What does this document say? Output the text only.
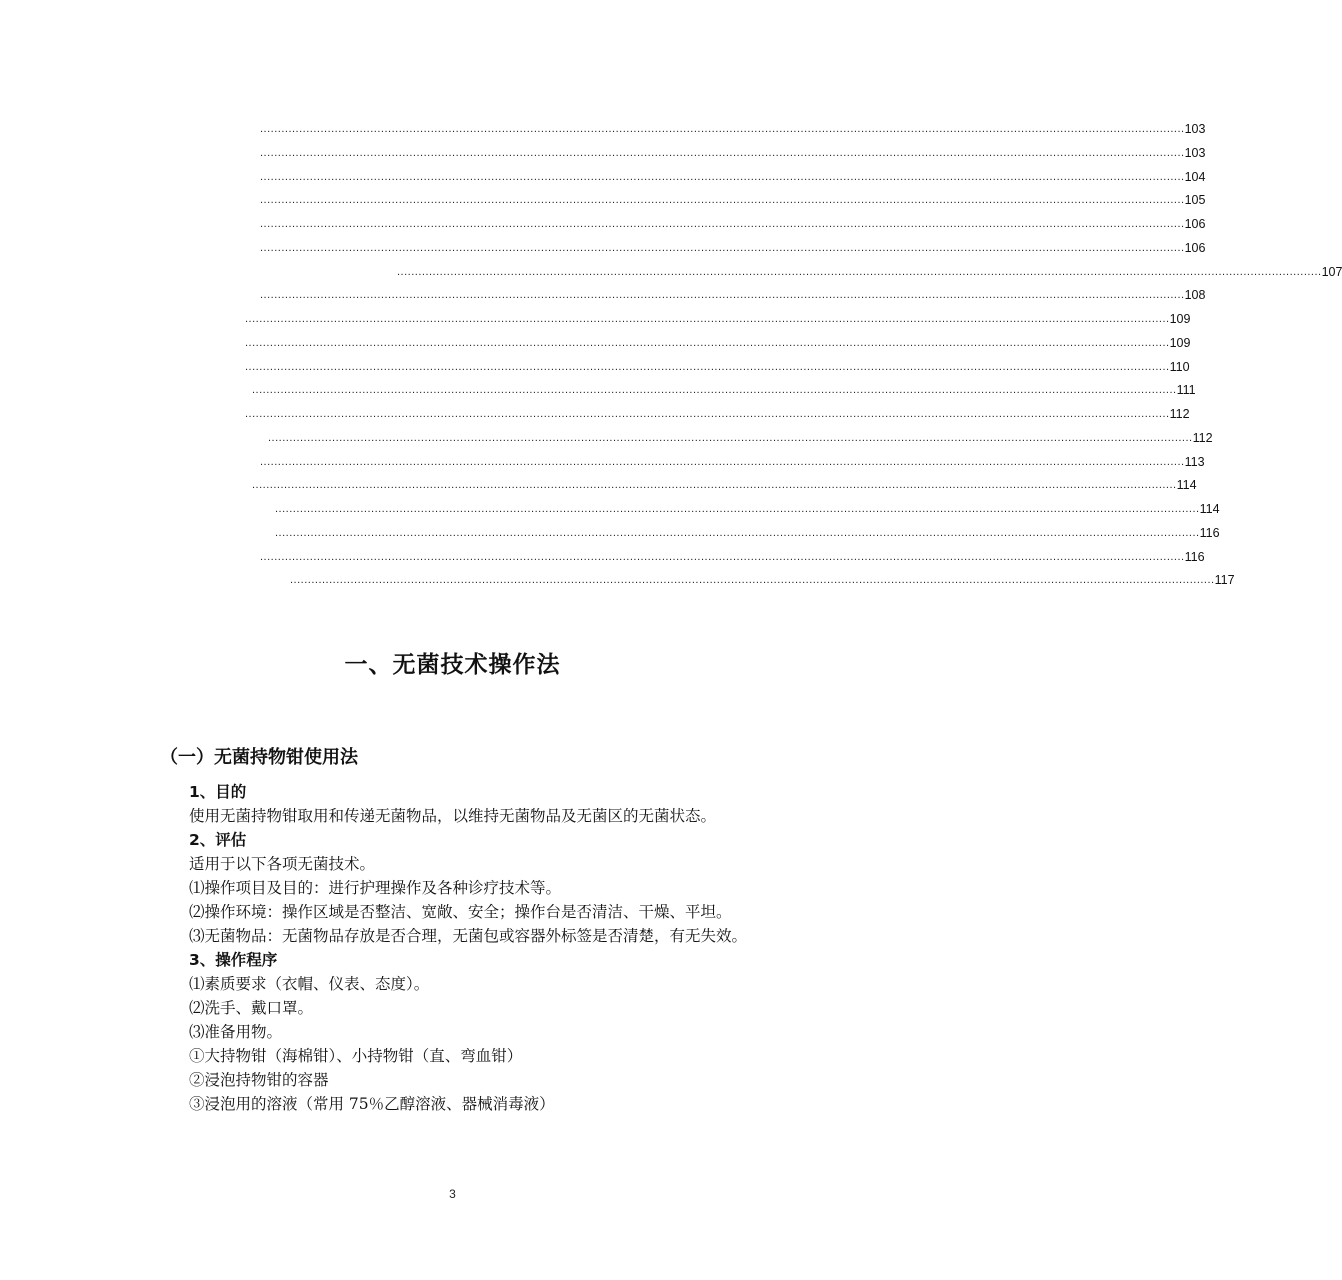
.................................................................................................................................................................................................................................................................... 103
.................................................................................................................................................................................................................................................................... 103
.................................................................................................................................................................................................................................................................... 104
.................................................................................................................................................................................................................................................................... 105
.................................................................................................................................................................................................................................................................... 106
.................................................................................................................................................................................................................................................................... 106
.................................................................................................................................................................................................................................................................... 107
.................................................................................................................................................................................................................................................................... 108
.................................................................................................................................................................................................................................................................... 109
.................................................................................................................................................................................................................................................................... 109
.................................................................................................................................................................................................................................................................... 110
.................................................................................................................................................................................................................................................................... 111
.................................................................................................................................................................................................................................................................... 112
.................................................................................................................................................................................................................................................................... 112
.................................................................................................................................................................................................................................................................... 113
.................................................................................................................................................................................................................................................................... 114
.................................................................................................................................................................................................................................................................... 114
.................................................................................................................................................................................................................................................................... 116
.................................................................................................................................................................................................................................................................... 116
.................................................................................................................................................................................................................................................................... 117
一、无菌技术操作法
（一）无菌持物钳使用法

1、目的

使用无菌持物钳取用和传递无菌物品，以维持无菌物品及无菌区的无菌状态。

2、评估

适用于以下各项无菌技术。

⑴操作项目及目的：进行护理操作及各种诊疗技术等。

⑵操作环境：操作区域是否整洁、宽敞、安全；操作台是否清洁、干燥、平坦。

⑶无菌物品：无菌物品存放是否合理，无菌包或容器外标签是否清楚，有无失效。

3、操作程序

⑴素质要求（衣帽、仪表、态度）。

⑵洗手、戴口罩。

⑶准备用物。

①大持物钳（海棉钳）、小持物钳（直、弯血钳）

②浸泡持物钳的容器

③浸泡用的溶液（常用 75％乙醇溶液、器械消毒液）

3
